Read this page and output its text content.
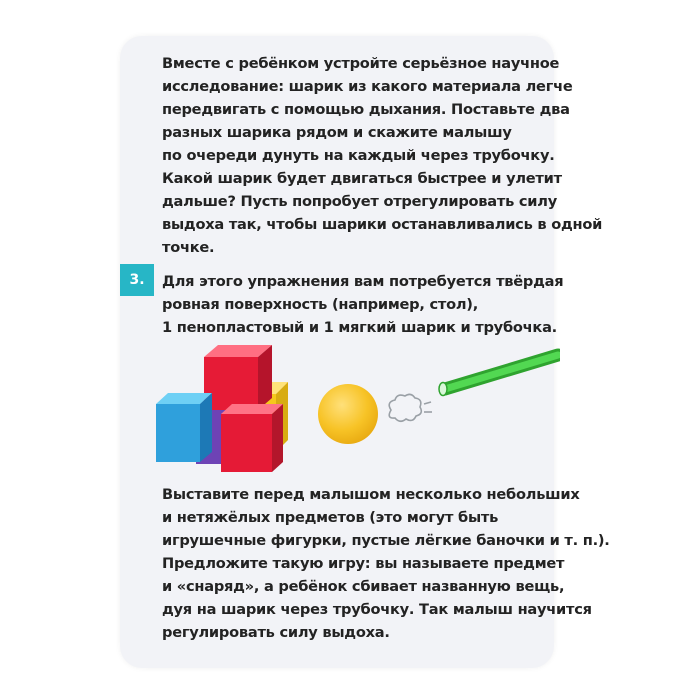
Вместе с ребёнком устройте серьёзное научное
исследование: шарик из какого материала легче
передвигать с помощью дыхания. Поставьте два
разных шарика рядом и скажите малышу
по очереди дунуть на каждый через трубочку.
Какой шарик будет двигаться быстрее и улетит
дальше? Пусть попробует отрегулировать силу
выдоха так, чтобы шарики останавливались в одной
точке.
3.	Для этого упражнения вам потребуется твёрдая
ровная поверхность (например, стол),
1 пенопластовый и 1 мягкий шарик и трубочка.
Выставите перед малышом несколько небольших
и нетяжёлых предметов (это могут быть
игрушечные фигурки, пустые лёгкие баночки и т. п.).
Предложите такую игру: вы называете предмет
и «снаряд», а ребёнок сбивает названную вещь,
дуя на шарик через трубочку. Так малыш научится
регулировать силу выдоха.
